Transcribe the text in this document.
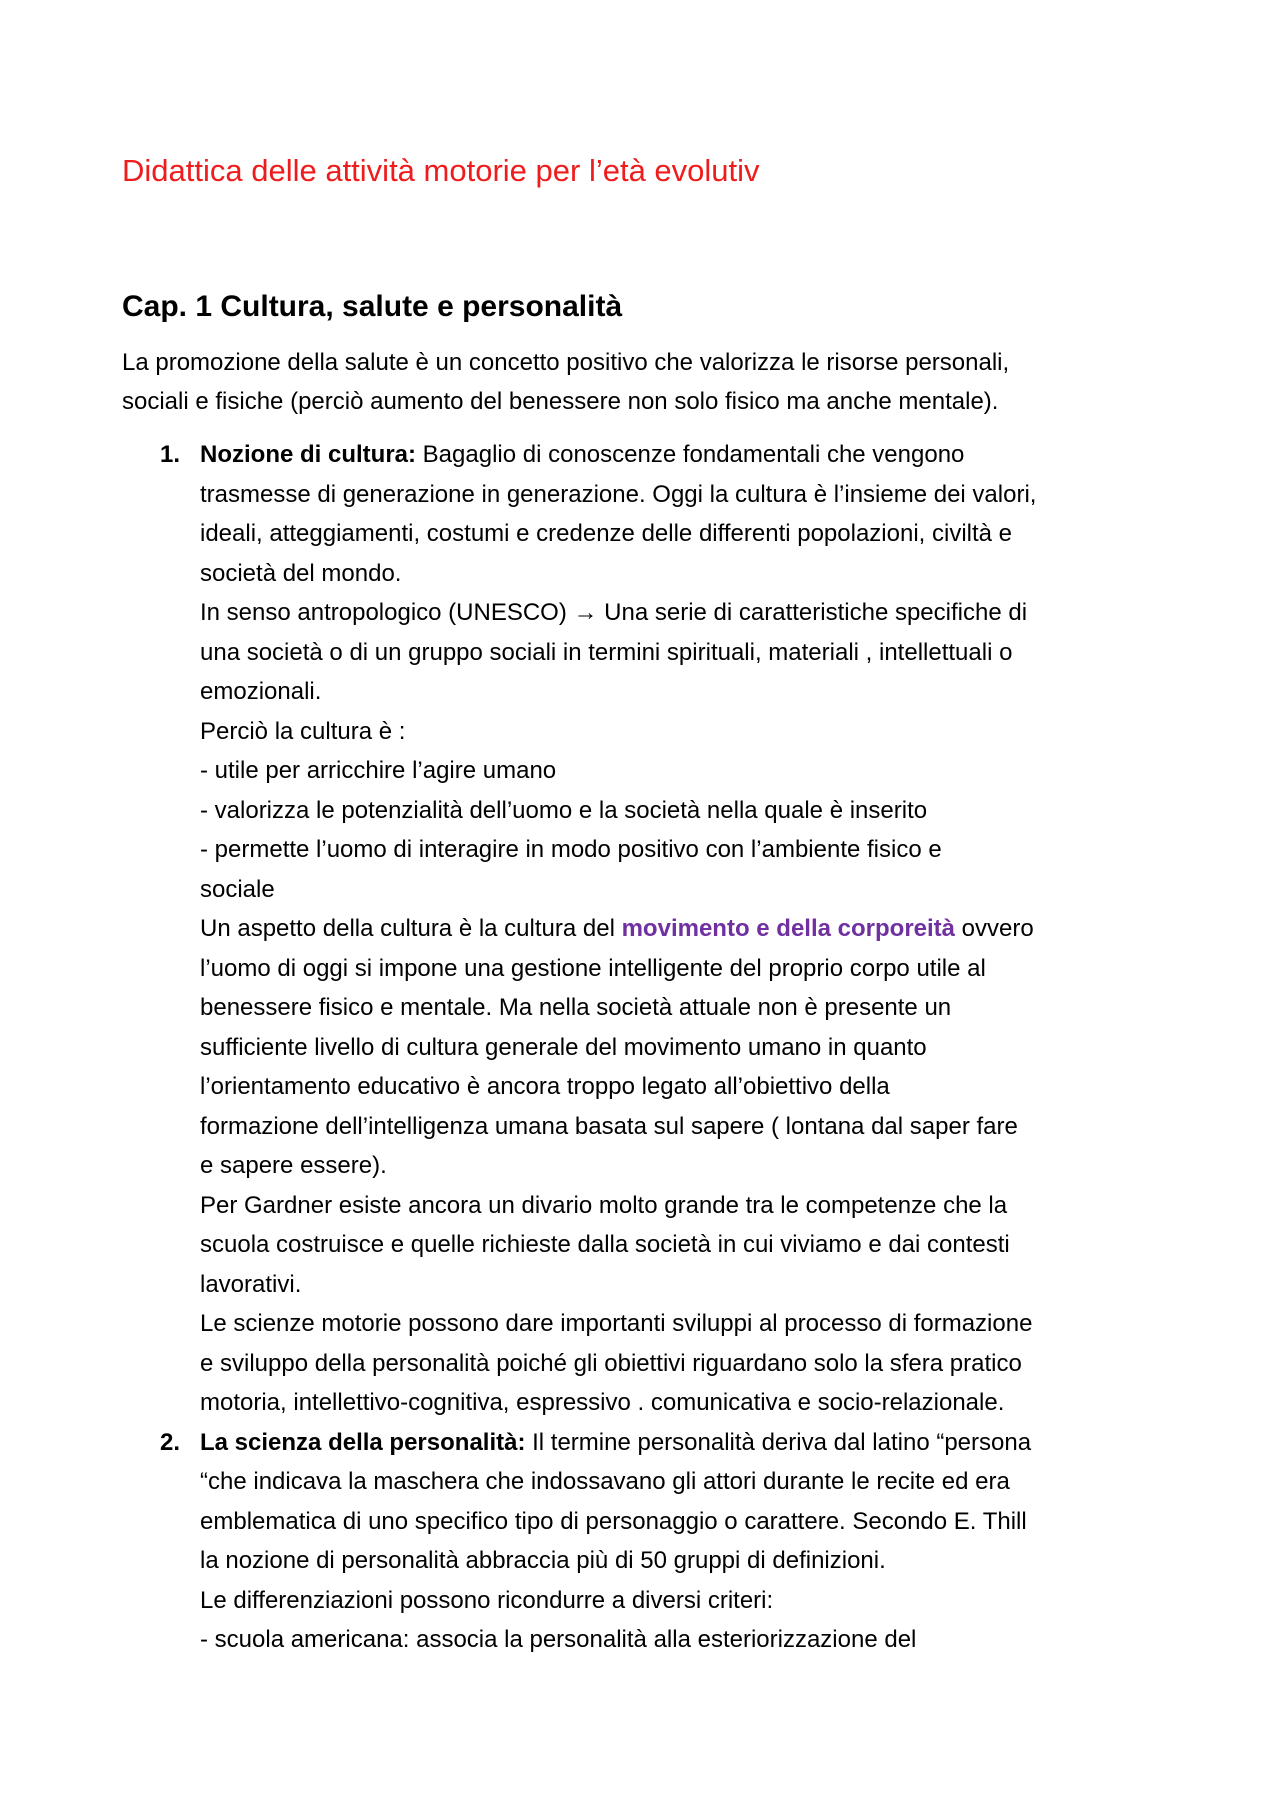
Didattica delle attività motorie per l’età evolutiv
Cap. 1 Cultura, salute e personalità

La promozione della salute è un concetto positivo che valorizza le risorse personali,
sociali e fisiche (perciò aumento del benessere non solo fisico ma anche mentale).

1. Nozione di cultura: Bagaglio di conoscenze fondamentali che vengono
trasmesse di generazione in generazione. Oggi la cultura è l’insieme dei valori,
ideali, atteggiamenti, costumi e credenze delle differenti popolazioni, civiltà e
società del mondo.
In senso antropologico (UNESCO) → Una serie di caratteristiche specifiche di
una società o di un gruppo sociali in termini spirituali, materiali , intellettuali o
emozionali.
Perciò la cultura è :
- utile per arricchire l’agire umano
- valorizza le potenzialità dell’uomo e la società nella quale è inserito
- permette l’uomo di interagire in modo positivo con l’ambiente fisico e
sociale
Un aspetto della cultura è la cultura del movimento e della corporeità ovvero
l’uomo di oggi si impone una gestione intelligente del proprio corpo utile al
benessere fisico e mentale. Ma nella società attuale non è presente un
sufficiente livello di cultura generale del movimento umano in quanto
l’orientamento educativo è ancora troppo legato all’obiettivo della
formazione dell’intelligenza umana basata sul sapere ( lontana dal saper fare
e sapere essere).
Per Gardner esiste ancora un divario molto grande tra le competenze che la
scuola costruisce e quelle richieste dalla società in cui viviamo e dai contesti
lavorativi.
Le scienze motorie possono dare importanti sviluppi al processo di formazione
e sviluppo della personalità poiché gli obiettivi riguardano solo la sfera pratico
motoria, intellettivo-cognitiva, espressivo . comunicativa e socio-relazionale.
2. La scienza della personalità: Il termine personalità deriva dal latino “persona
“che indicava la maschera che indossavano gli attori durante le recite ed era
emblematica di uno specifico tipo di personaggio o carattere. Secondo E. Thill
la nozione di personalità abbraccia più di 50 gruppi di definizioni.
Le differenziazioni possono ricondurre a diversi criteri:
- scuola americana: associa la personalità alla esteriorizzazione del
